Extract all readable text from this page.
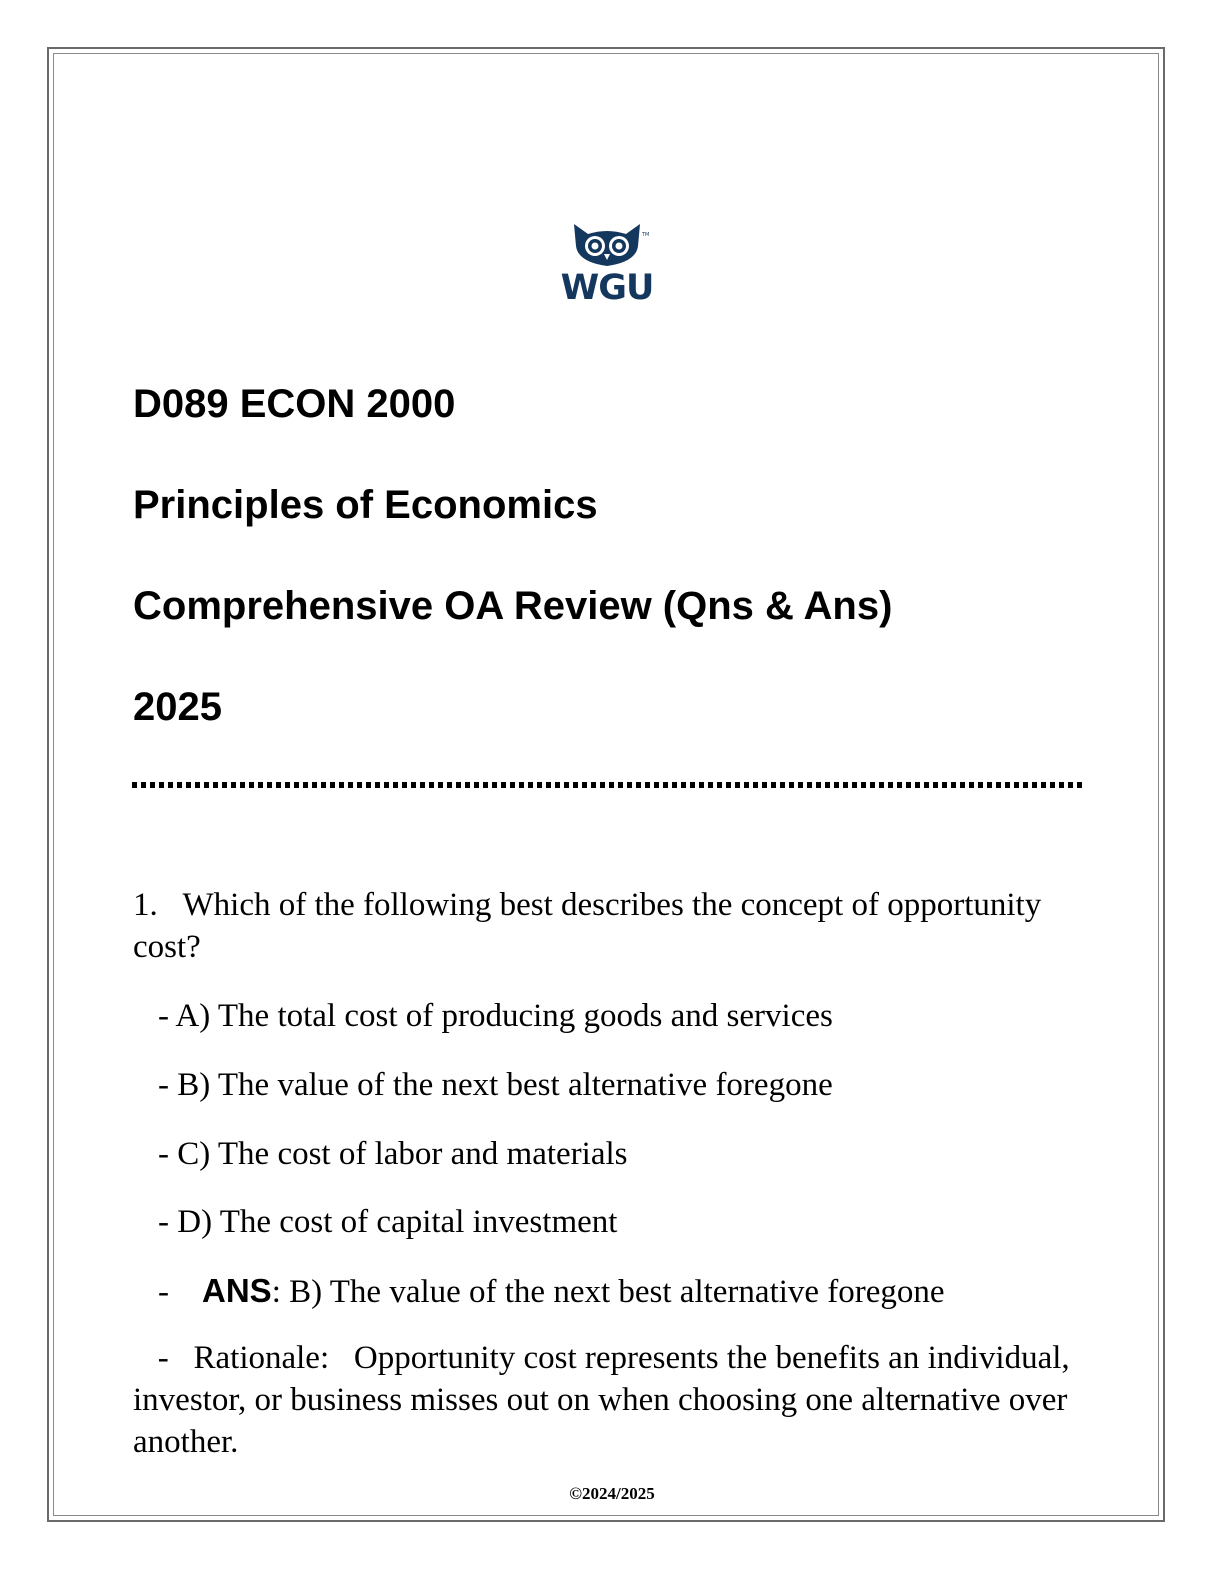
TM
WGU
D089 ECON 2000
Principles of Economics
Comprehensive OA Review (Qns & Ans)
2025
1. Which of the following best describes the concept of opportunity cost?
- A) The total cost of producing goods and services
- B) The value of the next best alternative foregone
- C) The cost of labor and materials
- D) The cost of capital investment
- ANS: B) The value of the next best alternative foregone
- Rationale: Opportunity cost represents the benefits an individual, investor, or business misses out on when choosing one alternative over another.
©2024/2025
